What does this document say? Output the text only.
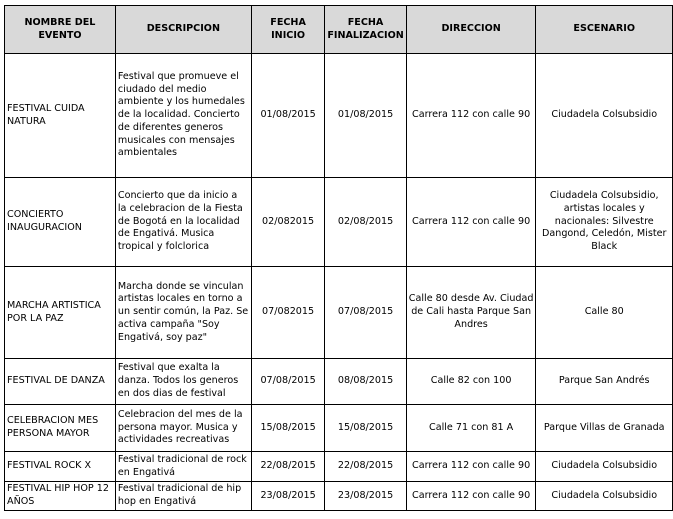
NOMBRE DEL EVENTO	DESCRIPCION	FECHA INICIO	FECHA FINALIZACION	DIRECCION	ESCENARIO
FESTIVAL CUIDA NATURA	Festival que promueve el ciudado del medio ambiente y los humedales de la localidad. Concierto de diferentes generos musicales con mensajes ambientales	01/08/2015	01/08/2015	Carrera 112 con calle 90	Ciudadela Colsubsidio
CONCIERTO INAUGURACION	Concierto que da inicio a la celebracion de la Fiesta de Bogotá en la localidad de Engativá. Musica tropical y folclorica	02/082015	02/08/2015	Carrera 112 con calle 90	Ciudadela Colsubsidio, artistas locales y nacionales: Silvestre Dangond, Celedón, Mister Black
MARCHA ARTISTICA POR LA PAZ	Marcha donde se vinculan artistas locales en torno a un sentir común, la Paz. Se activa campaña "Soy Engativá, soy paz"	07/082015	07/08/2015	Calle 80 desde Av. Ciudad de Cali hasta Parque San Andres	Calle 80
FESTIVAL DE DANZA	Festival que exalta la danza. Todos los generos en dos dias de festival	07/08/2015	08/08/2015	Calle 82 con 100	Parque San Andrés
CELEBRACION MES PERSONA MAYOR	Celebracion del mes de la persona mayor. Musica y actividades recreativas	15/08/2015	15/08/2015	Calle 71 con 81 A	Parque Villas de Granada
FESTIVAL ROCK X	Festival tradicional de rock en Engativá	22/08/2015	22/08/2015	Carrera 112 con calle 90	Ciudadela Colsubsidio
FESTIVAL HIP HOP 12 AÑOS	Festival tradicional de hip hop en Engativá	23/08/2015	23/08/2015	Carrera 112 con calle 90	Ciudadela Colsubsidio
